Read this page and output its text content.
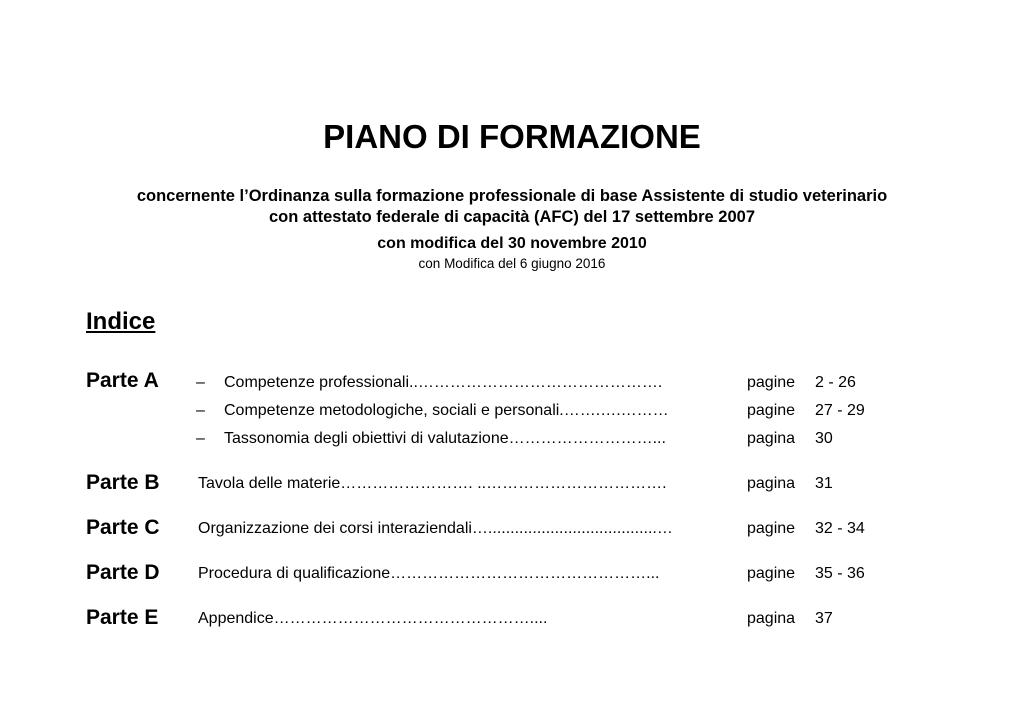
PIANO DI FORMAZIONE
concernente l’Ordinanza sulla formazione professionale di base Assistente di studio veterinario
con attestato federale di capacità (AFC) del 17 settembre 2007
con modifica del 30 novembre 2010
con Modifica del 6 giugno 2016
Indice
Parte A – Competenze professionali..……………………………………….	pagine 2 - 26
– Competenze metodologiche, sociali e personali.…….….………	pagine 27 - 29
– Tassonomia degli obiettivi di valutazione………………………...	pagina 30
Parte B Tavola delle materie……………………. ..…………………………….	pagina 31
Parte C Organizzazione dei corsi interaziendali…......................................…	pagine 32 - 34
Parte D Procedura di qualificazione…………………………………………...	pagine 35 - 36
Parte E Appendice…………………………………………....	pagina 37
